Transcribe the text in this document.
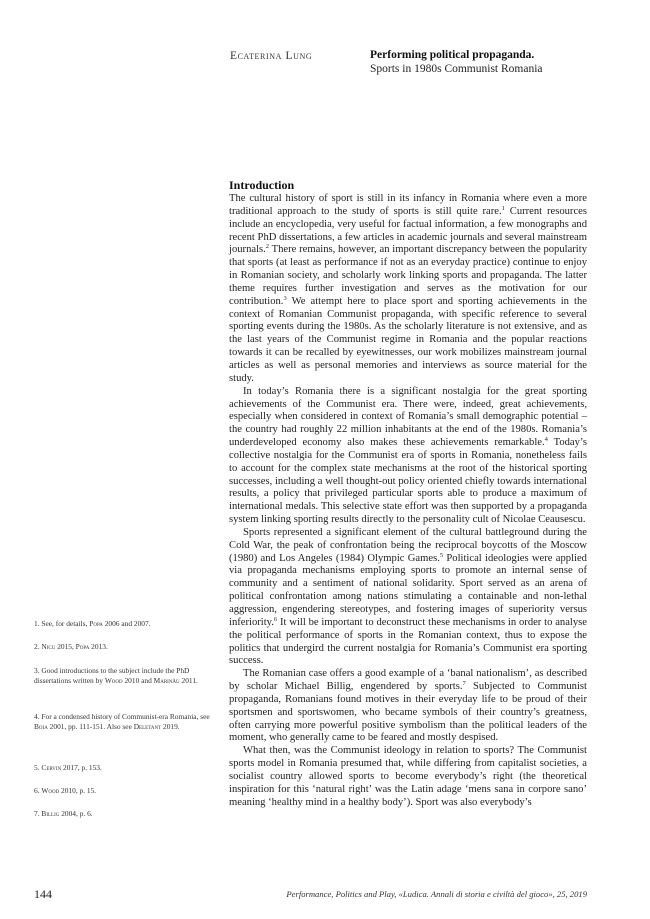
Ecaterina Lung	Performing political propaganda.
Sports in 1980s Communist Romania
Introduction

The cultural history of sport is still in its infancy in Romania where even a more traditional approach to the study of sports is still quite rare.$^1$ Current resources include an encyclopedia, very useful for factual information, a few monographs and recent PhD dissertations, a few articles in academic journals and several mainstream journals.$^2$ There remains, however, an important discrepancy between the popularity that sports (at least as performance if not as an everyday practice) continue to enjoy in Romanian society, and scholarly work linking sports and propaganda. The latter theme requires further investigation and serves as the motivation for our contribution.$^3$ We attempt here to place sport and sporting achievements in the context of Romanian Communist propaganda, with specific reference to several sporting events during the 1980s. As the scholarly literature is not extensive, and as the last years of the Communist regime in Romania and the popular reactions towards it can be recalled by eyewitnesses, our work mobilizes mainstream journal articles as well as personal memories and interviews as source material for the study.

In today’s Romania there is a significant nostalgia for the great sporting achievements of the Communist era. There were, indeed, great achievements, especially when considered in context of Romania’s small demographic potential – the country had roughly 22 million inhabitants at the end of the 1980s. Romania’s underdeveloped economy also makes these achievements remarkable.$^4$ Today’s collective nostalgia for the Communist era of sports in Romania, nonetheless fails to account for the complex state mechanisms at the root of the historical sporting successes, including a well thought-out policy oriented chiefly towards international results, a policy that privileged particular sports able to produce a maximum of international medals. This selective state effort was then supported by a propaganda system linking sporting results directly to the personality cult of Nicolae Ceausescu.

Sports represented a significant element of the cultural battleground during the Cold War, the peak of confrontation being the reciprocal boycotts of the Moscow (1980) and Los Angeles (1984) Olympic Games.$^5$ Political ideologies were applied via propaganda mechanisms employing sports to promote an internal sense of community and a sentiment of national solidarity. Sport served as an arena of political confrontation among nations stimulating a containable and non-lethal aggression, engendering stereotypes, and fostering images of superiority versus inferiority.$^6$ It will be important to deconstruct these mechanisms in order to analyse the political performance of sports in the Romanian context, thus to expose the politics that undergird the current nostalgia for Romania’s Communist era sporting success.

The Romanian case offers a good example of a ‘banal nationalism’, as described by scholar Michael Billig, engendered by sports.$^7$ Subjected to Communist propaganda, Romanians found motives in their everyday life to be proud of their sportsmen and sportswomen, who became symbols of their country’s greatness, often carrying more powerful positive symbolism than the political leaders of the moment, who generally came to be feared and mostly despised.

What then, was the Communist ideology in relation to sports? The Communist sports model in Romania presumed that, while differing from capitalist societies, a socialist country allowed sports to become everybody’s right (the theoretical inspiration for this ‘natural right’ was the Latin adage ‘mens sana in corpore sano’ meaning ‘healthy mind in a healthy body’). Sport was also everybody’s

1. See, for details, Popa 2006 and 2007.
2. Nicu 2015, Popa 2013.
3. Good introductions to the subject include the PhD dissertations written by Wood 2010 and Marinău 2011.
4. For a condensed history of Communist-era Romania, see Boia 2001, pp. 111-151. Also see Deletant 2019.
5. Cervin 2017, p. 153.
6. Wood 2010, p. 15.
7. Billig 2004, p. 6.
144	Performance, Politics and Play, «Ludica. Annali di storia e civiltà del gioco», 25, 2019
